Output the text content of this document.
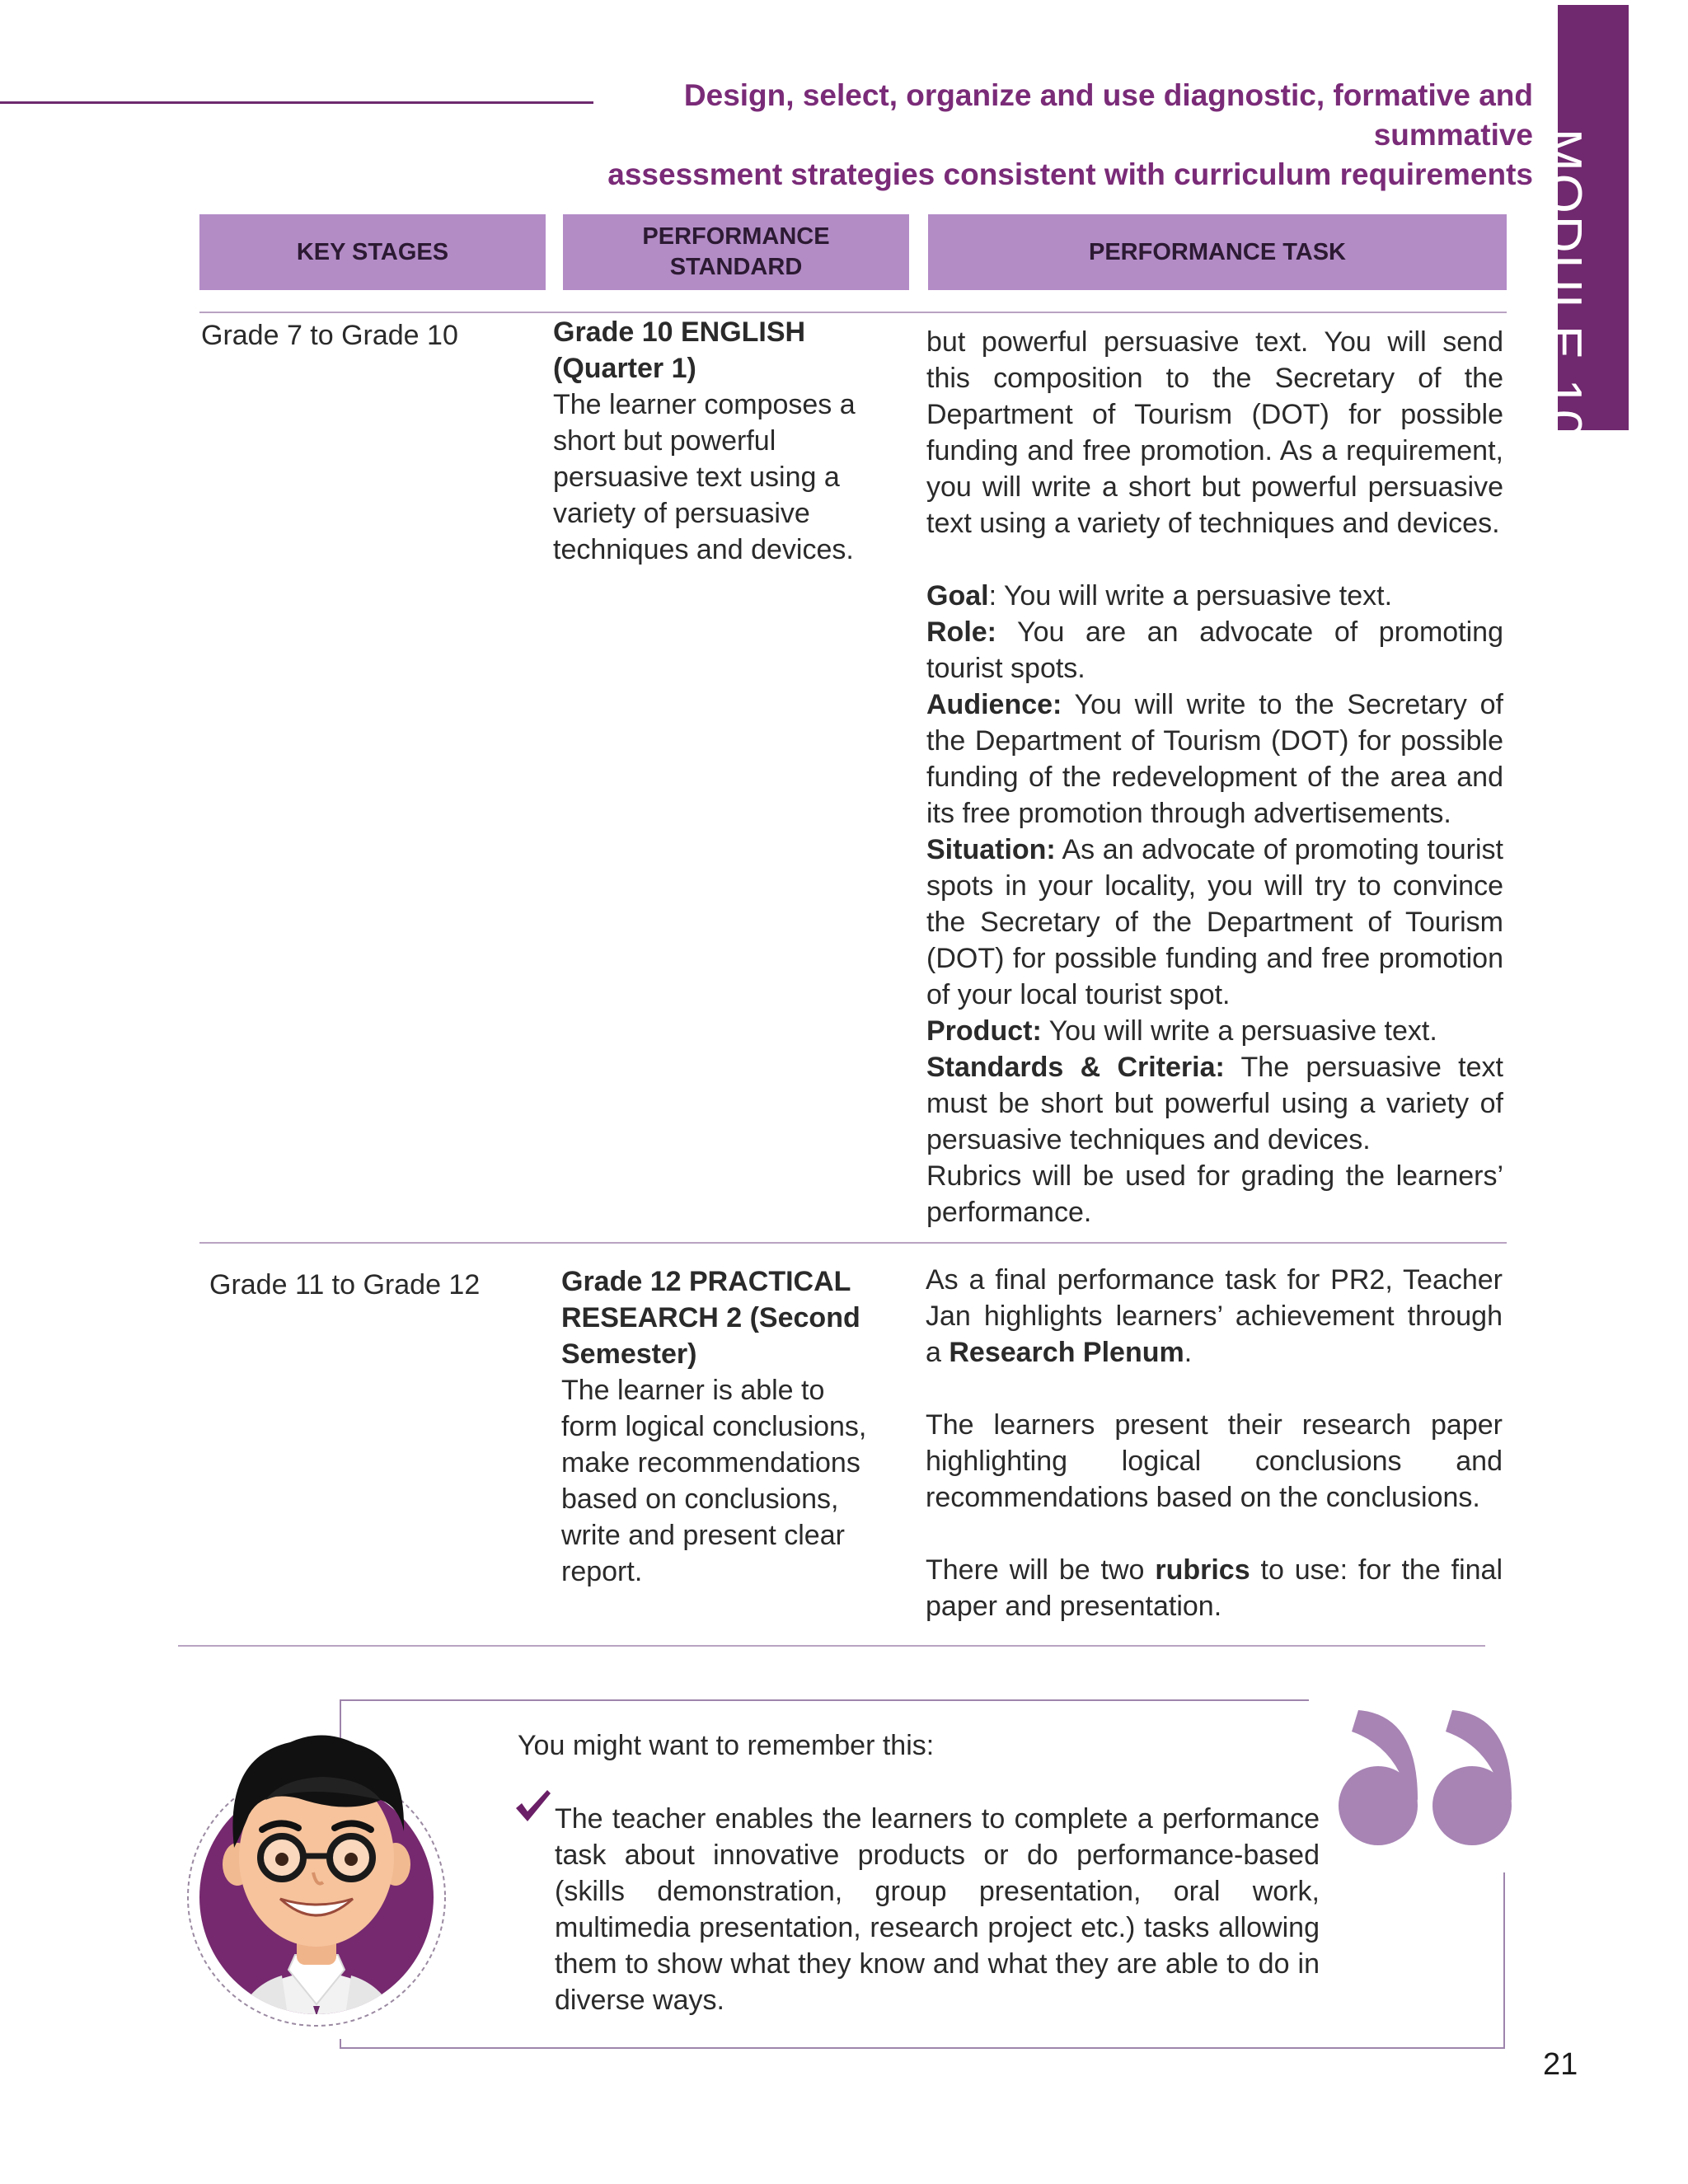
Design, select, organize and use diagnostic, formative and summative
assessment strategies consistent with curriculum requirements MODULE 10
KEY STAGES
PERFORMANCE
STANDARD
PERFORMANCE TASK
Grade 7 to Grade 10	Grade 10 ENGLISH (Quarter 1)
The learner composes a short but powerful persuasive text using a variety of persuasive techniques and devices.

but powerful persuasive text. You will send this composition to the Secretary of the Department of Tourism (DOT) for possible funding and free promotion. As a requirement, you will write a short but powerful persuasive text using a variety of techniques and devices.

Goal: You will write a persuasive text.

Role: You are an advocate of promoting tourist spots.

Audience: You will write to the Secretary of the Department of Tourism (DOT) for possible funding of the redevelopment of the area and its free promotion through advertisements.

Situation: As an advocate of promoting tourist spots in your locality, you will try to convince the Secretary of the Department of Tourism (DOT) for possible funding and free promotion of your local tourist spot.

Product: You will write a persuasive text.

Standards & Criteria: The persuasive text must be short but powerful using a variety of persuasive techniques and devices.

Rubrics will be used for grading the learners’ performance.

Grade 11 to Grade 12	Grade 12 PRACTICAL RESEARCH 2 (Second Semester)
The learner is able to form logical conclusions, make recommendations based on conclusions, write and present clear report.

As a final performance task for PR2, Teacher Jan highlights learners’ achievement through a Research Plenum.

The learners present their research paper highlighting logical conclusions and recommendations based on the conclusions.

There will be two rubrics to use: for the final paper and presentation.

You might want to remember this:
The teacher enables the learners to complete a performance task about innovative products or do performance-based (skills demonstration, group presentation, oral work, multimedia presentation, research project etc.) tasks allowing them to show what they know and what they are able to do in diverse ways.
21
